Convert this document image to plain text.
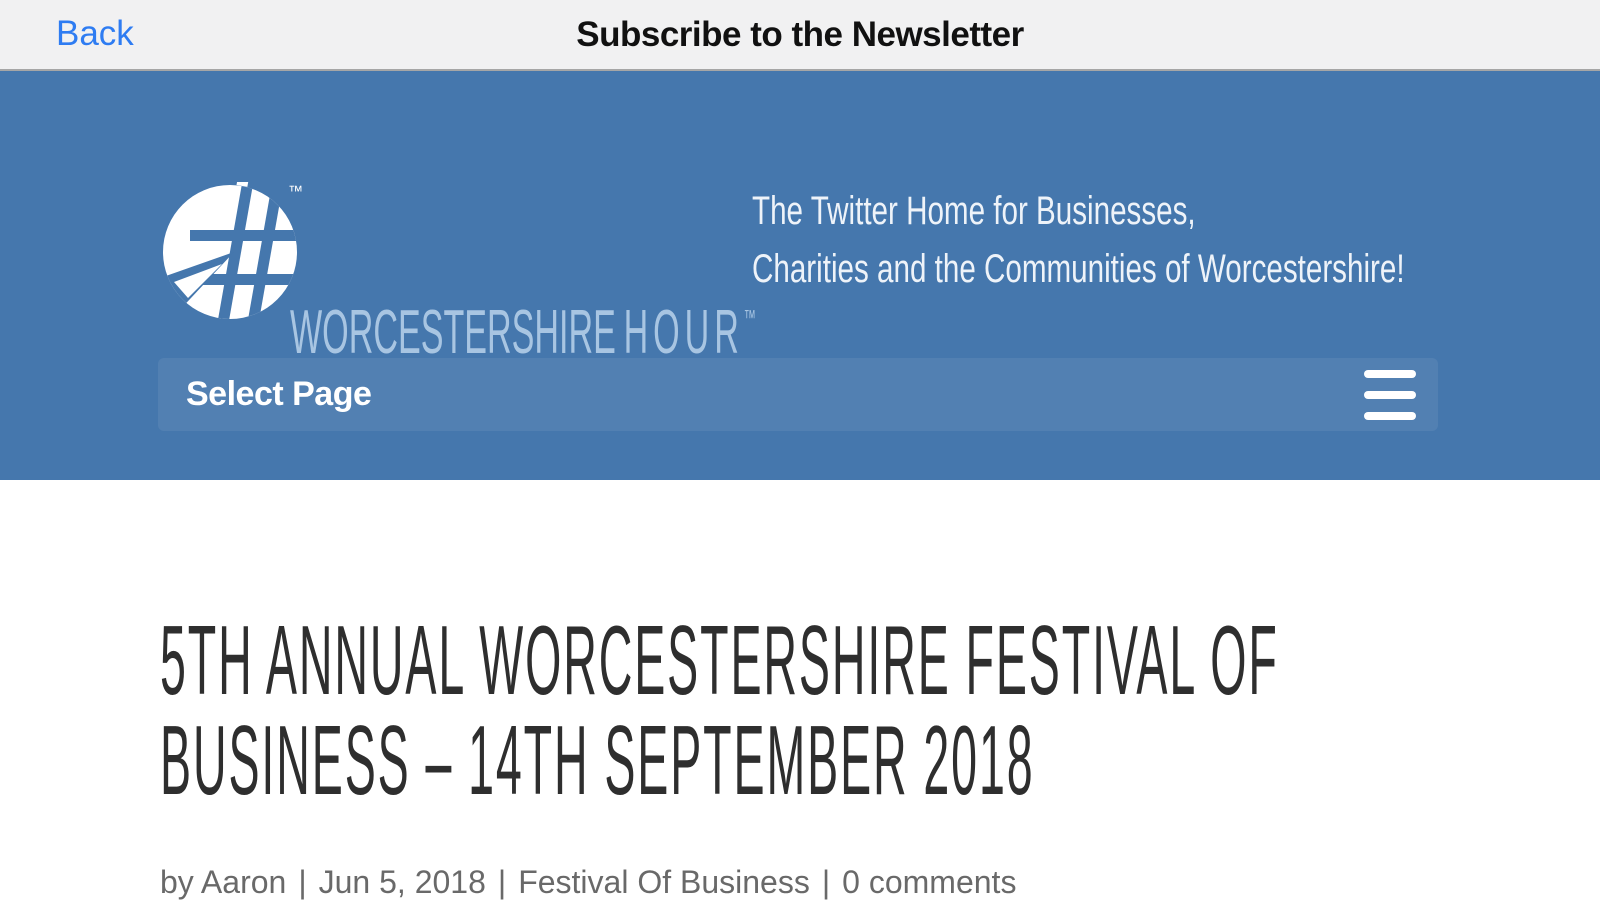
Back	Subscribe to the Newsletter
™
WORCESTERSHIRE HOUR™
The Twitter Home for Businesses,
Charities and the Communities of Worcestershire!
Select Page
5TH ANNUAL WORCESTERSHIRE FESTIVAL OF
BUSINESS – 14TH SEPTEMBER 2018
by Aaron | Jun 5, 2018 | Festival Of Business | 0 comments
